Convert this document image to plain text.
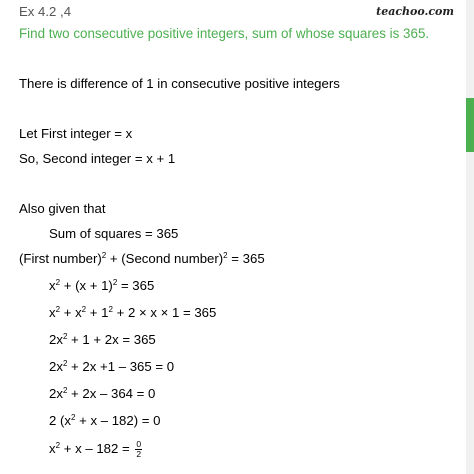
Ex 4.2 ,4	teachoo.com
Find two consecutive positive integers, sum of whose squares is 365.
There is difference of 1 in consecutive positive integers
Let First integer = x
So, Second integer = x + 1
Also given that
Sum of squares = 365
(First number)$^2$ + (Second number)$^2$ = 365
$x^2 + (x + 1)^2 = 365$
$x^2 + x^2 + 1^2 + 2 \times x \times 1 = 365$
$2x^2 + 1 + 2x = 365$
$2x^2 + 2x +1 - 365 = 0$
$2x^2 + 2x - 364 = 0$
2 $(x^2 + x - 182) = 0$
$x^2 + x - 182 = \frac{0}{2}$
